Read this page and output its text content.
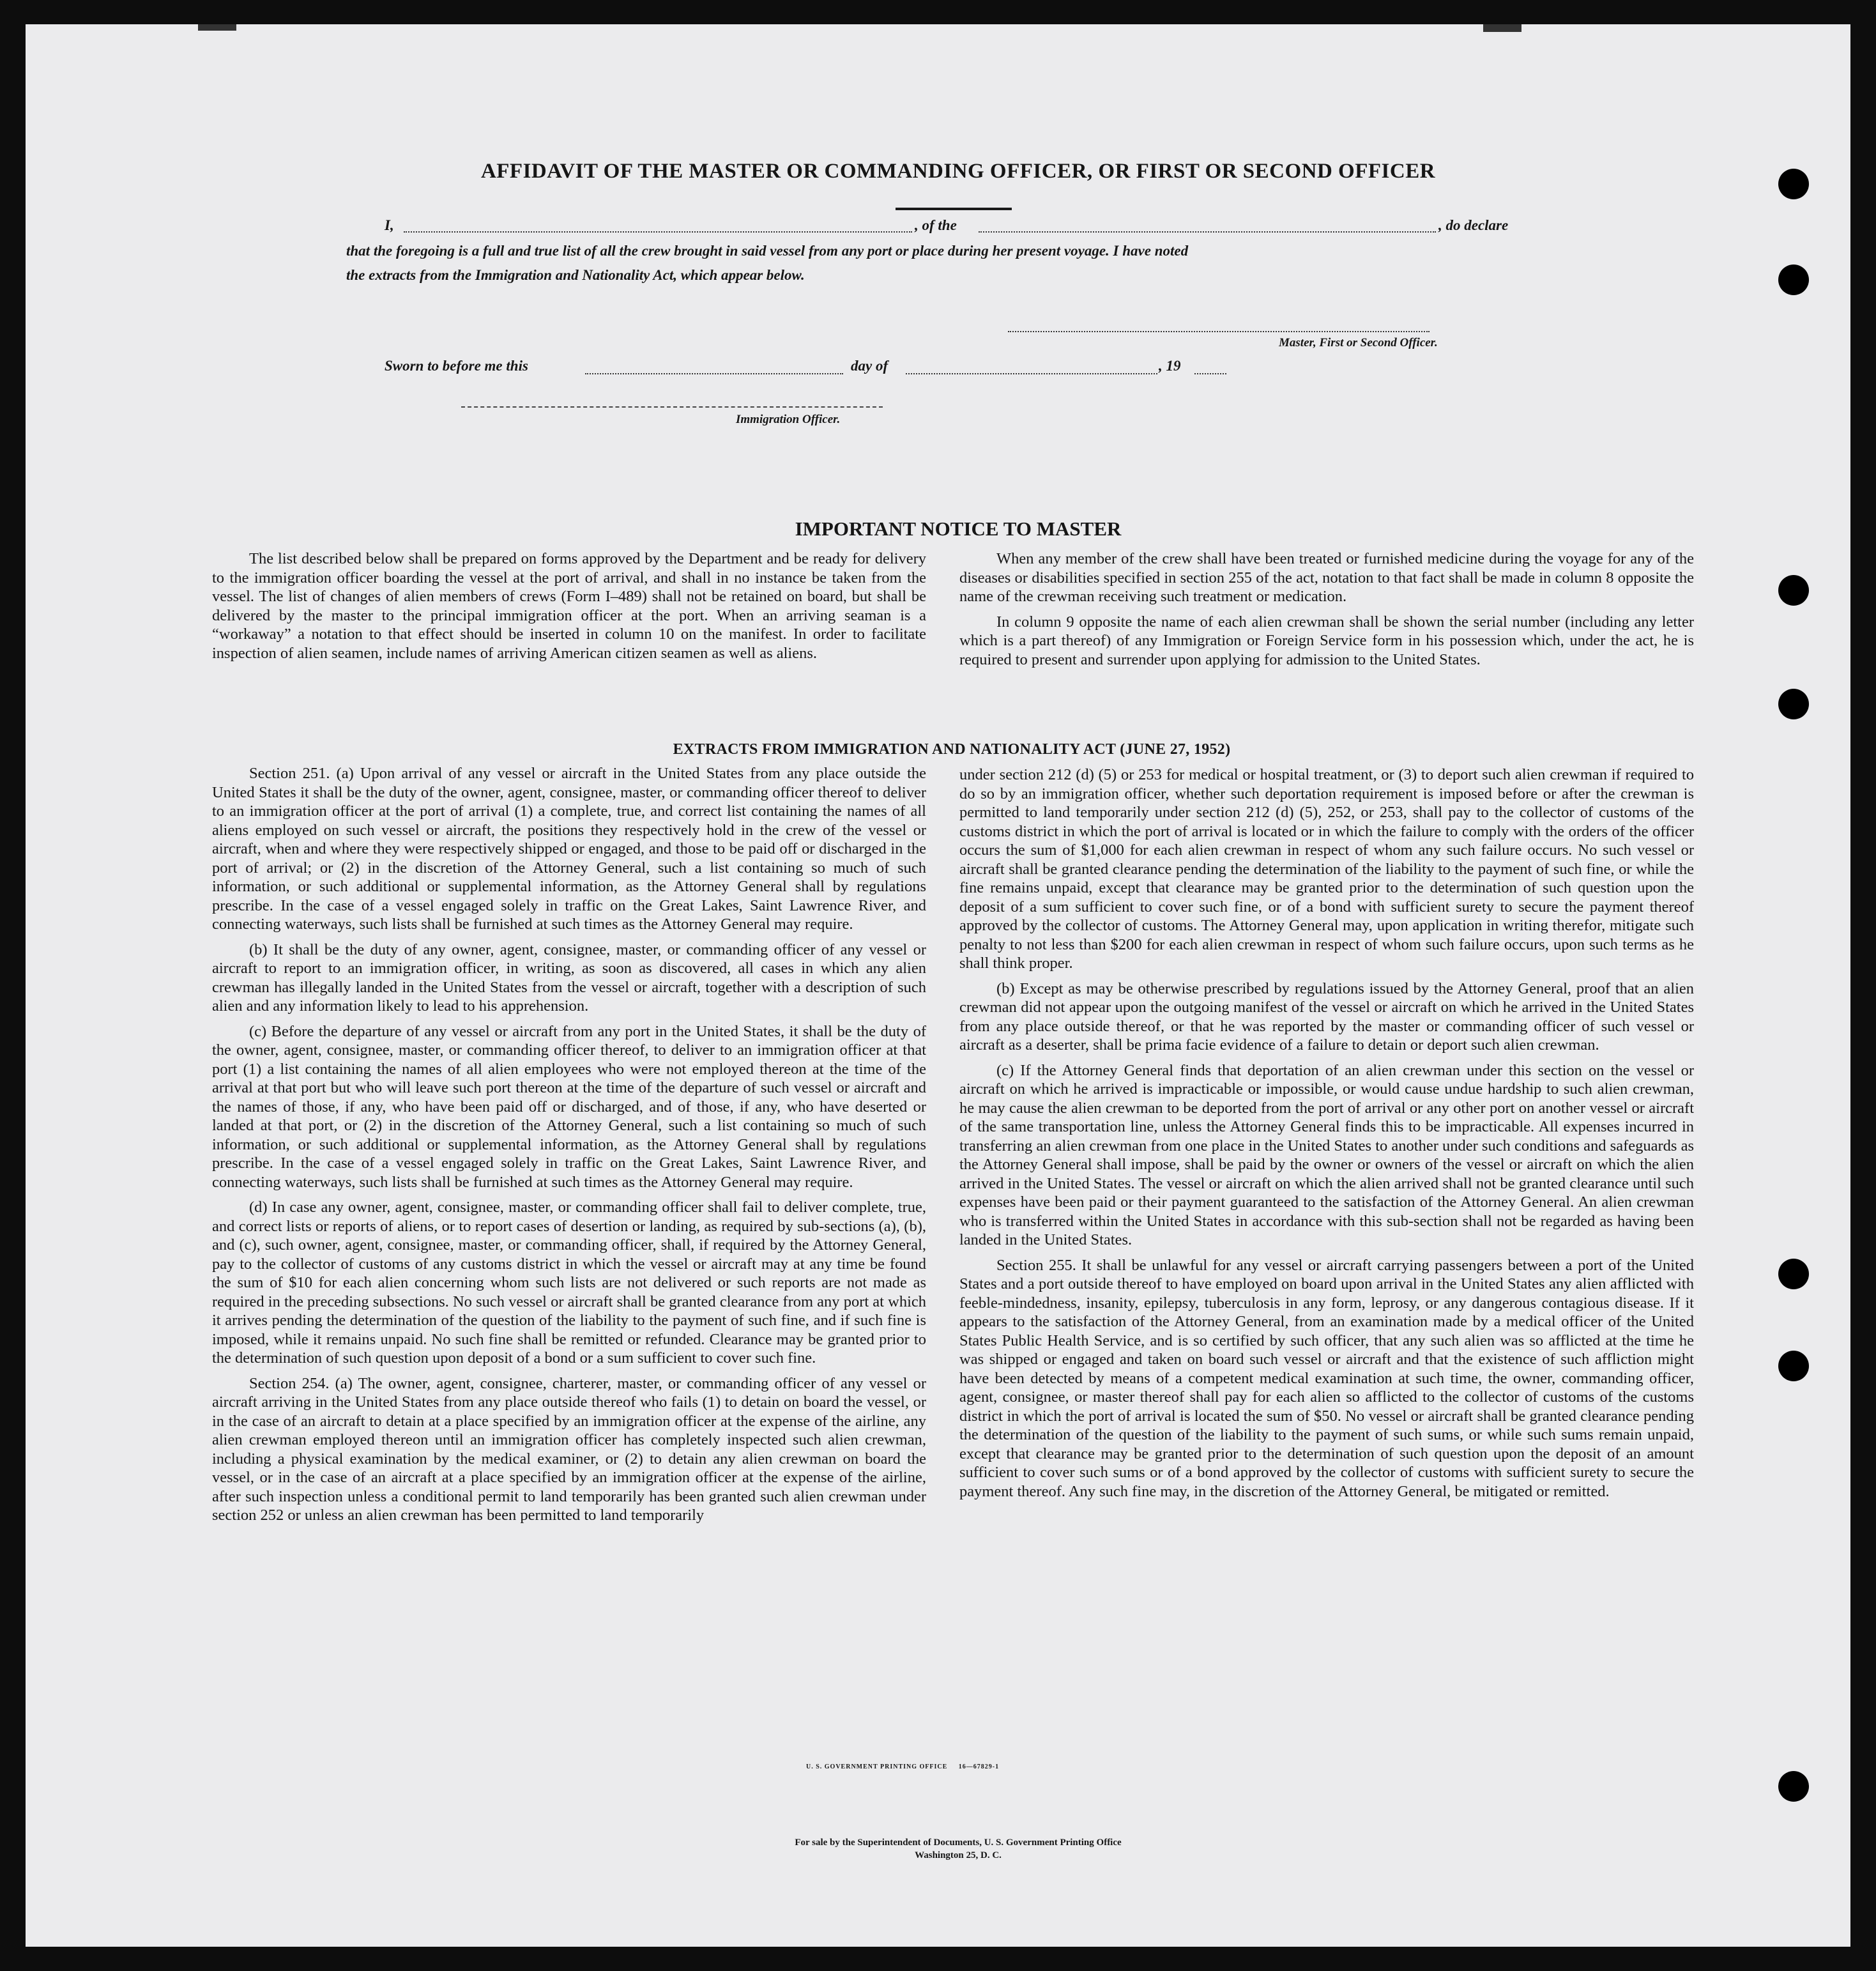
AFFIDAVIT OF THE MASTER OR COMMANDING OFFICER, OR FIRST OR SECOND OFFICER
I,	, of the	, do declare
that the foregoing is a full and true list of all the crew brought in said vessel from any port or place during her present voyage. I have noted
the extracts from the Immigration and Nationality Act, which appear below.
Master, First or Second Officer.
Sworn to before me this	day of	, 19
Immigration Officer.
IMPORTANT NOTICE TO MASTER

The list described below shall be prepared on forms approved by the Department and be ready for delivery to the immigration officer boarding the vessel at the port of arrival, and shall in no instance be taken from the vessel. The list of changes of alien members of crews (Form I–489) shall not be retained on board, but shall be delivered by the master to the principal immigration officer at the port. When an arriving seaman is a “workaway” a notation to that effect should be inserted in column 10 on the manifest. In order to facilitate inspection of alien seamen, include names of arriving American citizen seamen as well as aliens.

When any member of the crew shall have been treated or furnished medicine during the voyage for any of the diseases or disabilities specified in section 255 of the act, notation to that fact shall be made in column 8 opposite the name of the crewman receiving such treatment or medication.

In column 9 opposite the name of each alien crewman shall be shown the serial number (including any letter which is a part thereof) of any Immigration or Foreign Service form in his possession which, under the act, he is required to present and surrender upon applying for admission to the United States.

EXTRACTS FROM IMMIGRATION AND NATIONALITY ACT (JUNE 27, 1952)

Section 251. (a) Upon arrival of any vessel or aircraft in the United States from any place outside the United States it shall be the duty of the owner, agent, consignee, master, or commanding officer thereof to deliver to an immigration officer at the port of arrival (1) a complete, true, and correct list containing the names of all aliens employed on such vessel or aircraft, the positions they respectively hold in the crew of the vessel or aircraft, when and where they were respectively shipped or engaged, and those to be paid off or discharged in the port of arrival; or (2) in the discretion of the Attorney General, such a list containing so much of such information, or such additional or supplemental information, as the Attorney General shall by regulations prescribe. In the case of a vessel engaged solely in traffic on the Great Lakes, Saint Lawrence River, and connecting waterways, such lists shall be furnished at such times as the Attorney General may require.

(b) It shall be the duty of any owner, agent, consignee, master, or commanding officer of any vessel or aircraft to report to an immigration officer, in writing, as soon as discovered, all cases in which any alien crewman has illegally landed in the United States from the vessel or aircraft, together with a description of such alien and any information likely to lead to his apprehension.

(c) Before the departure of any vessel or aircraft from any port in the United States, it shall be the duty of the owner, agent, consignee, master, or commanding officer thereof, to deliver to an immigration officer at that port (1) a list containing the names of all alien employees who were not employed thereon at the time of the arrival at that port but who will leave such port thereon at the time of the departure of such vessel or aircraft and the names of those, if any, who have been paid off or discharged, and of those, if any, who have deserted or landed at that port, or (2) in the discretion of the Attorney General, such a list containing so much of such information, or such additional or supplemental information, as the Attorney General shall by regulations prescribe. In the case of a vessel engaged solely in traffic on the Great Lakes, Saint Lawrence River, and connecting waterways, such lists shall be furnished at such times as the Attorney General may require.

(d) In case any owner, agent, consignee, master, or commanding officer shall fail to deliver complete, true, and correct lists or reports of aliens, or to report cases of desertion or landing, as required by sub-sections (a), (b), and (c), such owner, agent, consignee, master, or commanding officer, shall, if required by the Attorney General, pay to the collector of customs of any customs district in which the vessel or aircraft may at any time be found the sum of $10 for each alien concerning whom such lists are not delivered or such reports are not made as required in the preceding subsections. No such vessel or aircraft shall be granted clearance from any port at which it arrives pending the determination of the question of the liability to the payment of such fine, and if such fine is imposed, while it remains unpaid. No such fine shall be remitted or refunded. Clearance may be granted prior to the determination of such question upon deposit of a bond or a sum sufficient to cover such fine.

Section 254. (a) The owner, agent, consignee, charterer, master, or commanding officer of any vessel or aircraft arriving in the United States from any place outside thereof who fails (1) to detain on board the vessel, or in the case of an aircraft to detain at a place specified by an immigration officer at the expense of the airline, any alien crewman employed thereon until an immigration officer has completely inspected such alien crewman, including a physical examination by the medical examiner, or (2) to detain any alien crewman on board the vessel, or in the case of an aircraft at a place specified by an immigration officer at the expense of the airline, after such inspection unless a conditional permit to land temporarily has been granted such alien crewman under section 252 or unless an alien crewman has been permitted to land temporarily

under section 212 (d) (5) or 253 for medical or hospital treatment, or (3) to deport such alien crewman if required to do so by an immigration officer, whether such deportation requirement is imposed before or after the crewman is permitted to land temporarily under section 212 (d) (5), 252, or 253, shall pay to the collector of customs of the customs district in which the port of arrival is located or in which the failure to comply with the orders of the officer occurs the sum of $1,000 for each alien crewman in respect of whom any such failure occurs. No such vessel or aircraft shall be granted clearance pending the determination of the liability to the payment of such fine, or while the fine remains unpaid, except that clearance may be granted prior to the determination of such question upon the deposit of a sum sufficient to cover such fine, or of a bond with sufficient surety to secure the payment thereof approved by the collector of customs. The Attorney General may, upon application in writing therefor, mitigate such penalty to not less than $200 for each alien crewman in respect of whom such failure occurs, upon such terms as he shall think proper.

(b) Except as may be otherwise prescribed by regulations issued by the Attorney General, proof that an alien crewman did not appear upon the outgoing manifest of the vessel or aircraft on which he arrived in the United States from any place outside thereof, or that he was reported by the master or commanding officer of such vessel or aircraft as a deserter, shall be prima facie evidence of a failure to detain or deport such alien crewman.

(c) If the Attorney General finds that deportation of an alien crewman under this section on the vessel or aircraft on which he arrived is impracticable or impossible, or would cause undue hardship to such alien crewman, he may cause the alien crewman to be deported from the port of arrival or any other port on another vessel or aircraft of the same transportation line, unless the Attorney General finds this to be impracticable. All expenses incurred in transferring an alien crewman from one place in the United States to another under such conditions and safeguards as the Attorney General shall impose, shall be paid by the owner or owners of the vessel or aircraft on which the alien arrived in the United States. The vessel or aircraft on which the alien arrived shall not be granted clearance until such expenses have been paid or their payment guaranteed to the satisfaction of the Attorney General. An alien crewman who is transferred within the United States in accordance with this sub-section shall not be regarded as having been landed in the United States.

Section 255. It shall be unlawful for any vessel or aircraft carrying passengers between a port of the United States and a port outside thereof to have employed on board upon arrival in the United States any alien afflicted with feeble-mindedness, insanity, epilepsy, tuberculosis in any form, leprosy, or any dangerous contagious disease. If it appears to the satisfaction of the Attorney General, from an examination made by a medical officer of the United States Public Health Service, and is so certified by such officer, that any such alien was so afflicted at the time he was shipped or engaged and taken on board such vessel or aircraft and that the existence of such affliction might have been detected by means of a competent medical examination at such time, the owner, commanding officer, agent, consignee, or master thereof shall pay for each alien so afflicted to the collector of customs of the customs district in which the port of arrival is located the sum of $50. No vessel or aircraft shall be granted clearance pending the determination of the question of the liability to the payment of such sums, or while such sums remain unpaid, except that clearance may be granted prior to the determination of such question upon the deposit of an amount sufficient to cover such sums or of a bond approved by the collector of customs with sufficient surety to secure the payment thereof. Any such fine may, in the discretion of the Attorney General, be mitigated or remitted.

U. S. GOVERNMENT PRINTING OFFICE     16—67829-1
For sale by the Superintendent of Documents, U. S. Government Printing Office
Washington 25, D. C.
